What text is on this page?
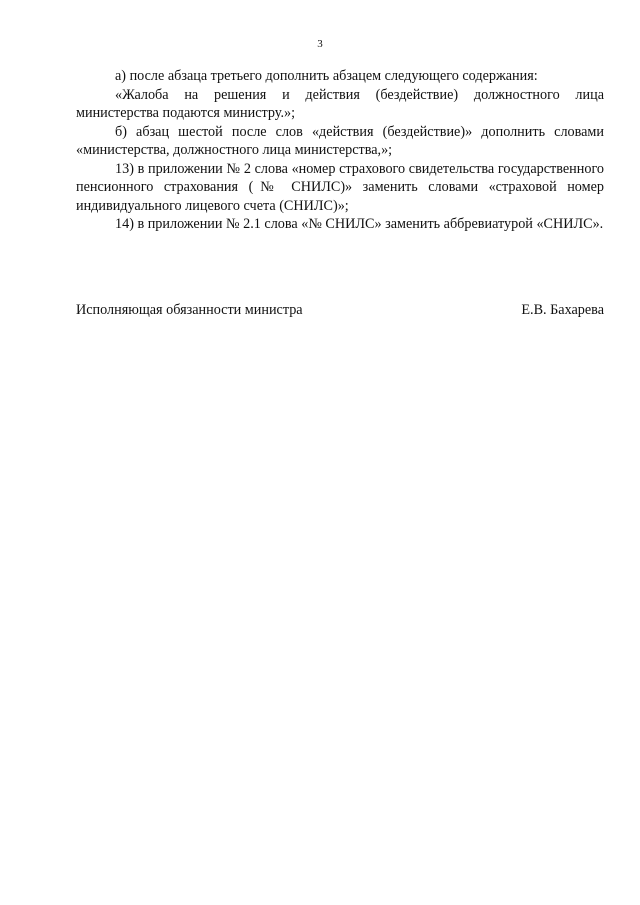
3

а) после абзаца третьего дополнить абзацем следующего содержания:

«Жалоба на решения и действия (бездействие) должностного лица министерства подаются министру.»;

б) абзац шестой после слов «действия (бездействие)» дополнить словами «министерства, должностного лица министерства,»;

13) в приложении № 2 слова «номер страхового свидетельства государственного пенсионного страхования (№ СНИЛС)» заменить словами «страховой номер индивидуального лицевого счета (СНИЛС)»;

14) в приложении № 2.1 слова «№ СНИЛС» заменить аббревиатурой «СНИЛС».

Исполняющая обязанности министра	Е.В. Бахарева
